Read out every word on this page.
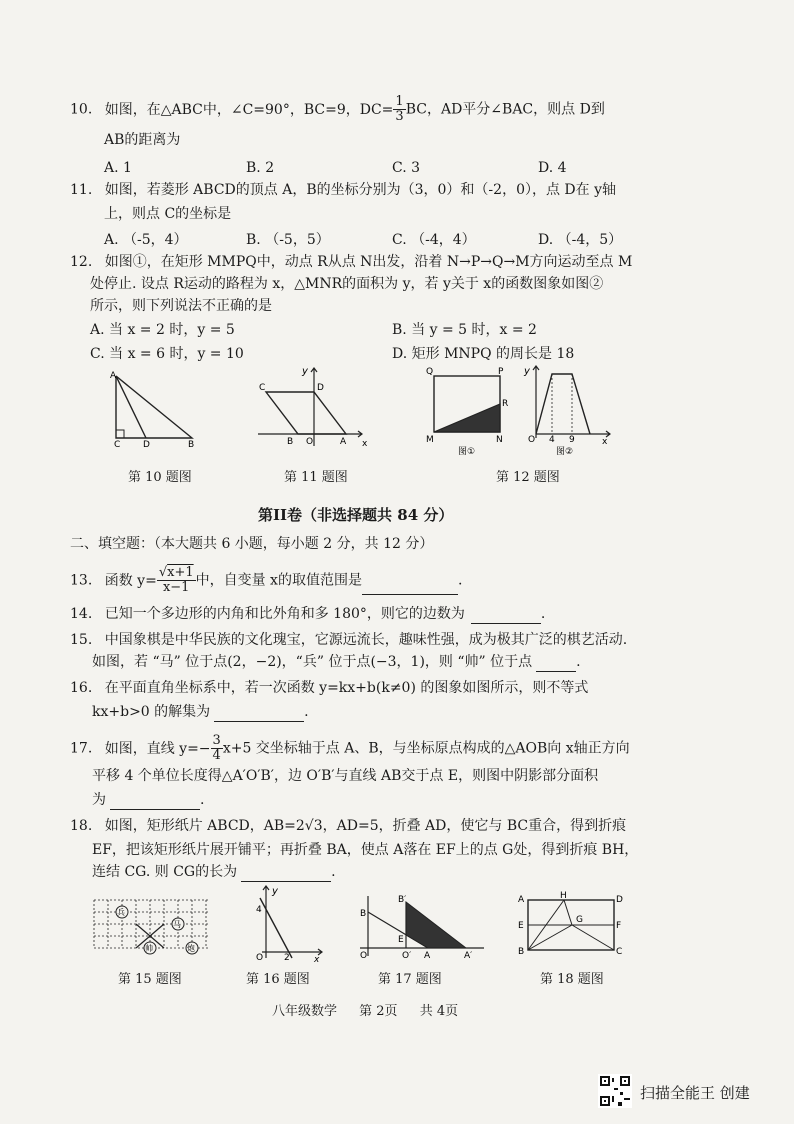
10. 如图，在△ABC中，∠C=90°，BC=9，$DC= \frac{1}{3}$ BC，AD平分∠BAC，则点 D到
AB的距离为
A. 1	B. 2	C. 3	D. 4
11. 如图，若菱形 ABCD的顶点 A，B的坐标分别为（3，0）和（-2，0），点 D在 y轴
上，则点 C的坐标是
A. （-5，4）	B. （-5，5）	C. （-4，4）	D. （-4，5）
12. 如图①，在矩形 MMPQ中，动点 R从点 N出发，沿着 N→P→Q→M方向运动至点 M
处停止. 设点 R运动的路程为 x，△MNR的面积为 y，若 y关于 x的函数图象如图②
所示，则下列说法不正确的是
A. 当 x = 2 时，y = 5	B. 当 y = 5 时，x = 2
C. 当 x = 6 时，y = 10	D. 矩形 MNPQ 的周长是 18
A
C	D	B
第 10 题图
C	D
B O	A x
y
第 11 题图
Q	P
R
M	N
图①
y
O 4 9	x
图②
第 12 题图
第II卷（非选择题共 84 分）
二、填空题：（本大题共 6 小题，每小题 2 分，共 12 分）
13. 函数 $y= \frac{√x+1}{x-1}$ 中，自变量 x的取值范围是	.
14. 已知一个多边形的内角和比外角和多 180°，则它的边数为	.
15. 中国象棋是中华民族的文化瑰宝，它源远流长，趣味性强，成为极其广泛的棋艺活动.
如图，若 “马” 位于点(2，−2)，“兵” 位于点(−3，1)，则 “帅” 位于点	.
16. 在平面直角坐标系中，若一次函数 y=kx+b(k≠0) 的图象如图所示，则不等式
kx+b>0 的解集为	.
17. 如图，直线 $y=- \frac{3}{4} x+5$ 交坐标轴于点 A、B，与坐标原点构成的△AOB向 x轴正方向
平移 4 个单位长度得△A′O′B′，边 O′B′与直线 AB交于点 E，则图中阴影部分面积
为	.
18. 如图，矩形纸片 ABCD，AB=2√3，AD=5，折叠 AD，使它与 BC重合，得到折痕
EF，把该矩形纸片展开铺平；再折叠 BA，使点 A落在 EF上的点 G处，得到折痕 BH，
连结 CG. 则 CG的长为	.
兵
马
帅	炮
第 15 题图
y
4
O 2	x
第 16 题图
B
B′
E
O	O′ A	A′
第 17 题图
A	H	D
G
E	F
B	C
第 18 题图
八年级数学 第 2页 共 4页
扫描全能王 创建
